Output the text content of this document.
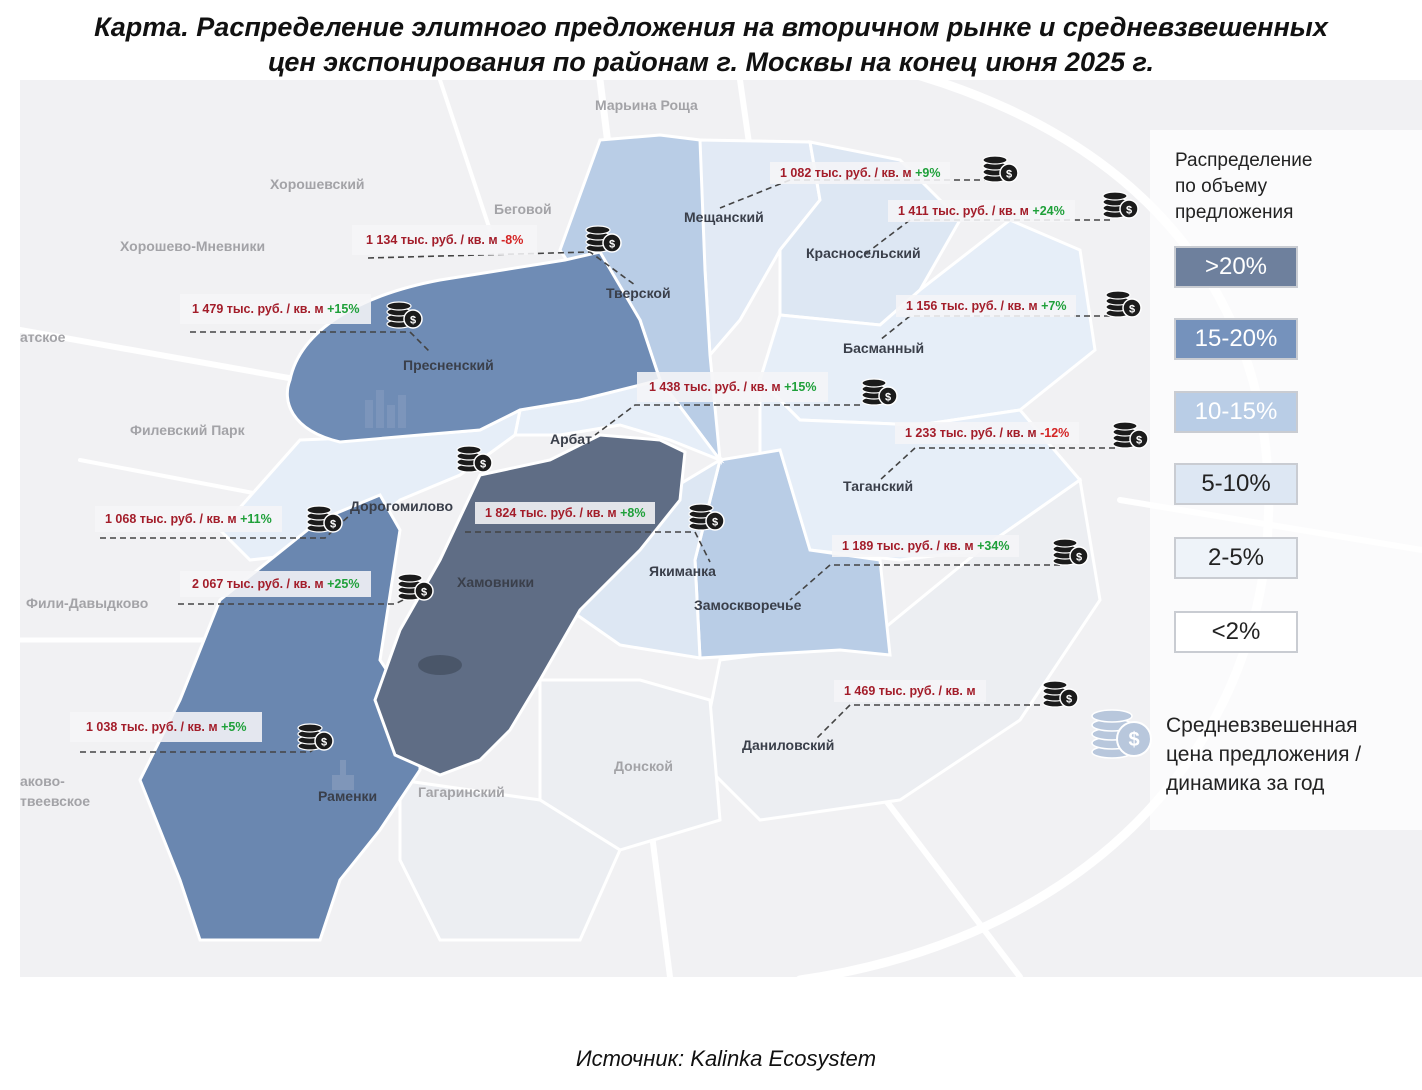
Карта. Распределение элитного предложения на вторичном рынке и средневзвешенных
цен экспонирования по районам г. Москвы на конец июня 2025 г.
Марьина Роща
Хорошевский
Беговой
Хорошево-Мневники
атское
Филевский Парк
Фили-Давыдково
Донской
Гагаринский
аково-
твеевское
Мещанский
Красносельский
Тверской
Пресненский
Басманный
Арбат
Таганский
Дорогомилово
Хамовники
Якиманка
Замоскворечье
Даниловский
Раменки
1 082 тыс. руб. / кв. м +9%
1 411 тыс. руб. / кв. м +24%
1 134 тыс. руб. / кв. м -8%
1 479 тыс. руб. / кв. м +15%	1 156 тыс. руб. / кв. м +7%
1 438 тыс. руб. / кв. м +15%
1 233 тыс. руб. / кв. м -12%
1 068 тыс. руб. / кв. м +11%	1 824 тыс. руб. / кв. м +8%
2 067 тыс. руб. / кв. м +25%
1 189 тыс. руб. / кв. м +34%
1 469 тыс. руб. / кв. м
1 038 тыс. руб. / кв. м +5%
$
$
$
$
$
$
$
$
$	$
$
$
$
$
Распределение
по объему
предложения
>20%
15-20%
10-15%
5-10%
2-5%
<2%
$
Средневзвешенная
цена предложения /
динамика за год
Источник: Kalinka Ecosystem
